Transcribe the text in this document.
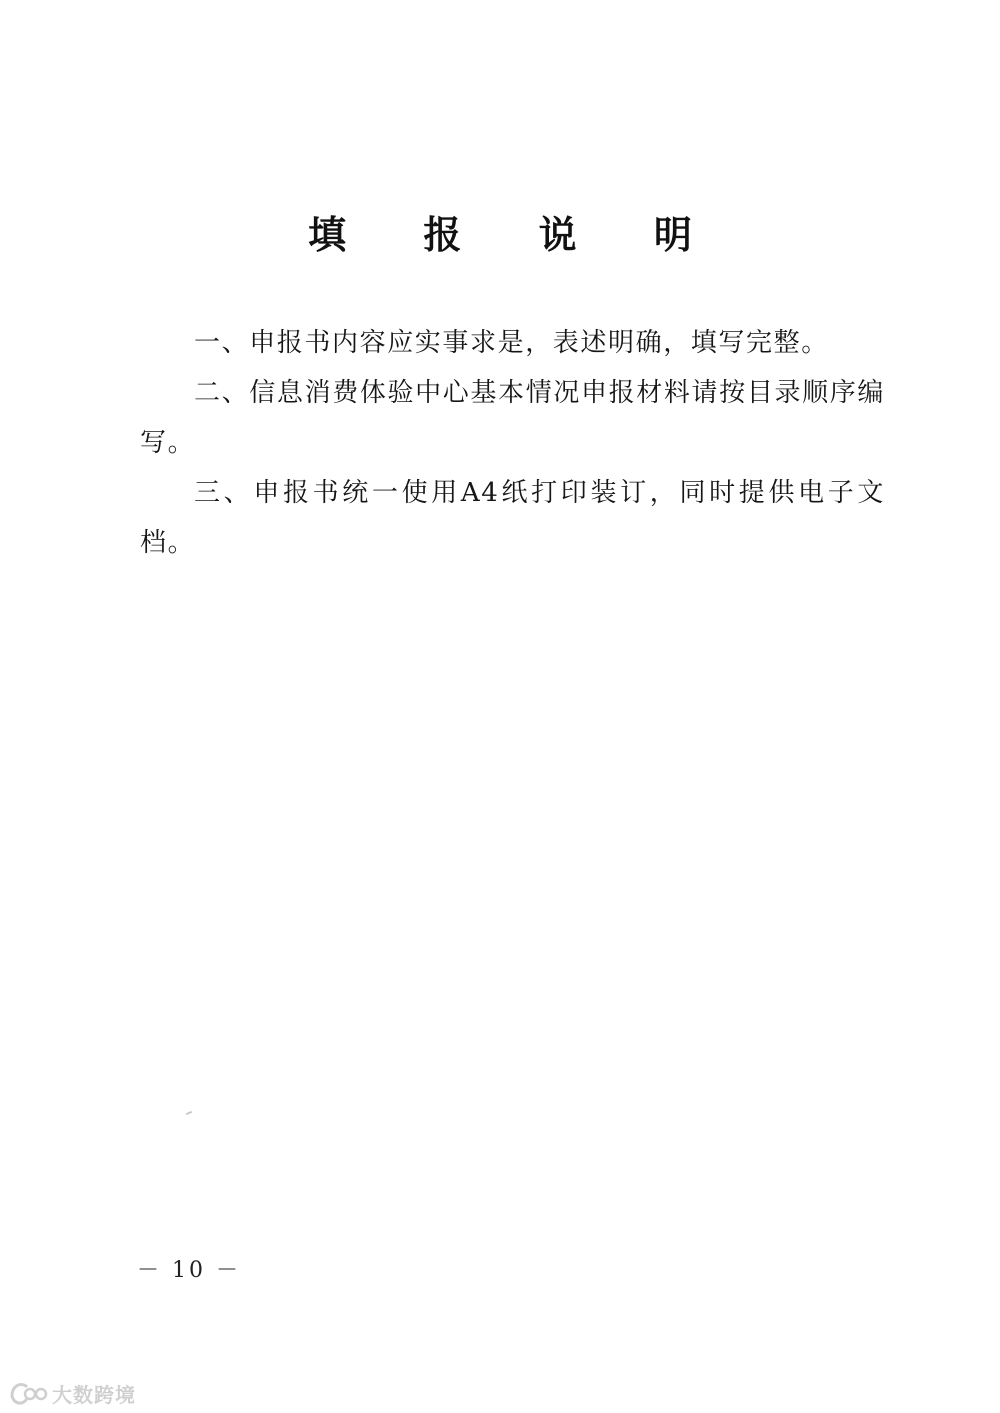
填 报 说 明

一、申报书内容应实事求是，表述明确，填写完整。

二、信息消费体验中心基本情况申报材料请按目录顺序编写。

三、申报书统一使用A4纸打印装订，同时提供电子文档。

－ 10 －
大数跨境
